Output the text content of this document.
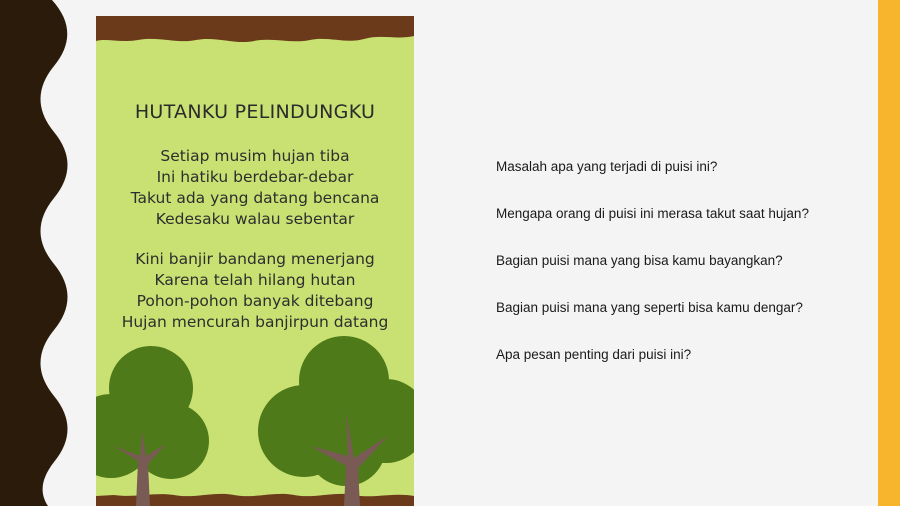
HUTANKU PELINDUNGKU
Setiap musim hujan tiba
Ini hatiku berdebar-debar
Takut ada yang datang bencana
Kedesaku walau sebentar
Kini banjir bandang menerjang
Karena telah hilang hutan
Pohon-pohon banyak ditebang
Hujan mencurah banjirpun datang
Masalah apa yang terjadi di puisi ini?
Mengapa orang di puisi ini merasa takut saat hujan?
Bagian puisi mana yang bisa kamu bayangkan?
Bagian puisi mana yang seperti bisa kamu dengar?
Apa pesan penting dari puisi ini?
